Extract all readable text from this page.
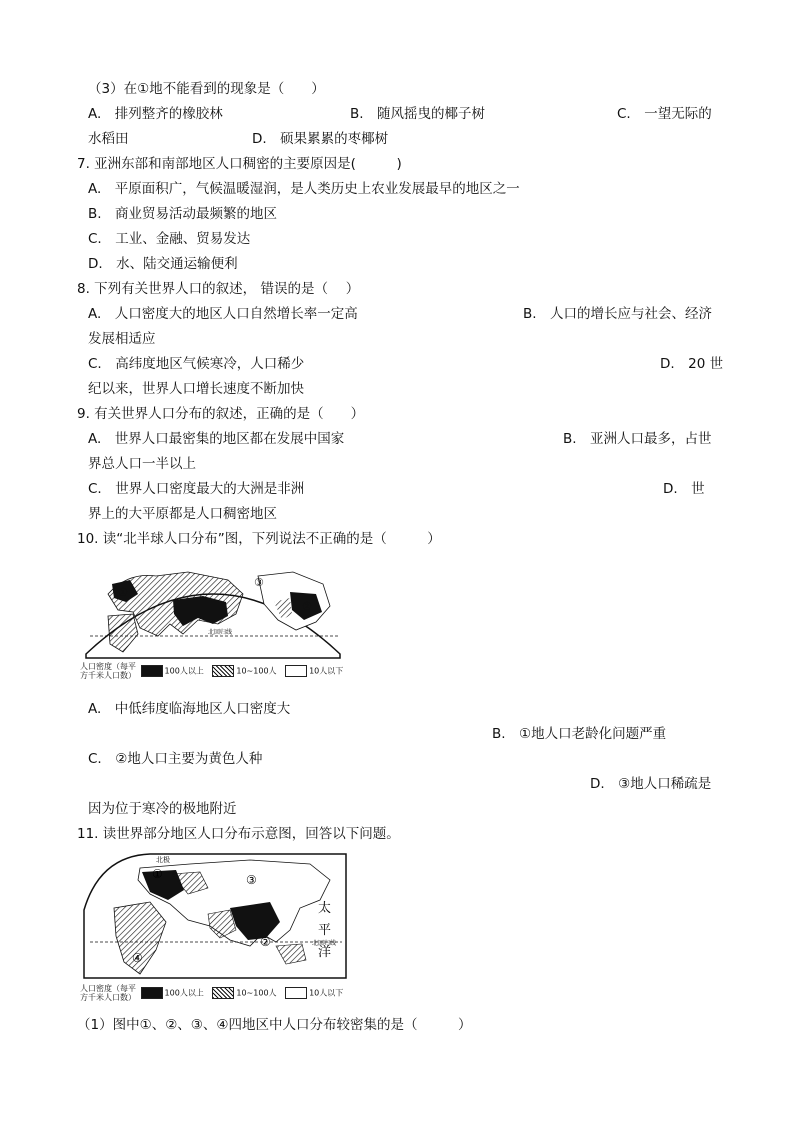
（3）在①地不能看到的现象是（　　）
A.　排列整齐的橡胶林	B.　随风摇曳的椰子树	C.　一望无际的
水稻田	D.　硕果累累的枣椰树
7. 亚洲东部和南部地区人口稠密的主要原因是(　　　)
A.　平原面积广，气候温暖湿润，是人类历史上农业发展最早的地区之一
B.　商业贸易活动最频繁的地区
C.　工业、金融、贸易发达
D.　水、陆交通运输便利
8. 下列有关世界人口的叙述， 错误的是（　 ）
A.　人口密度大的地区人口自然增长率一定高	B.　人口的增长应与社会、经济
发展相适应
C.　高纬度地区气候寒冷，人口稀少	D.　20 世
纪以来，世界人口增长速度不断加快
9. 有关世界人口分布的叙述，正确的是（　　）
A.　世界人口最密集的地区都在发展中国家	B.　亚洲人口最多，占世
界总人口一半以上
C.　世界人口密度最大的大洲是非洲	D.　世
界上的大平原都是人口稠密地区
10. 读“北半球人口分布”图，下列说法不正确的是（　　　）
北回归线
①
②
③
人口密度（每平方千米人口数）	100人以上	10~100人	10人以下
A.　中低纬度临海地区人口密度大
B.　①地人口老龄化问题严重
C.　②地人口主要为黄色人种
D.　③地人口稀疏是
因为位于寒冷的极地附近
11. 读世界部分地区人口分布示意图，回答以下问题。
北回归线
北极
①
②
③
④
太
平
洋
人口密度（每平方千米人口数）	100人以上	10~100人	10人以下
（1）图中①、②、③、④四地区中人口分布较密集的是（　　　）
